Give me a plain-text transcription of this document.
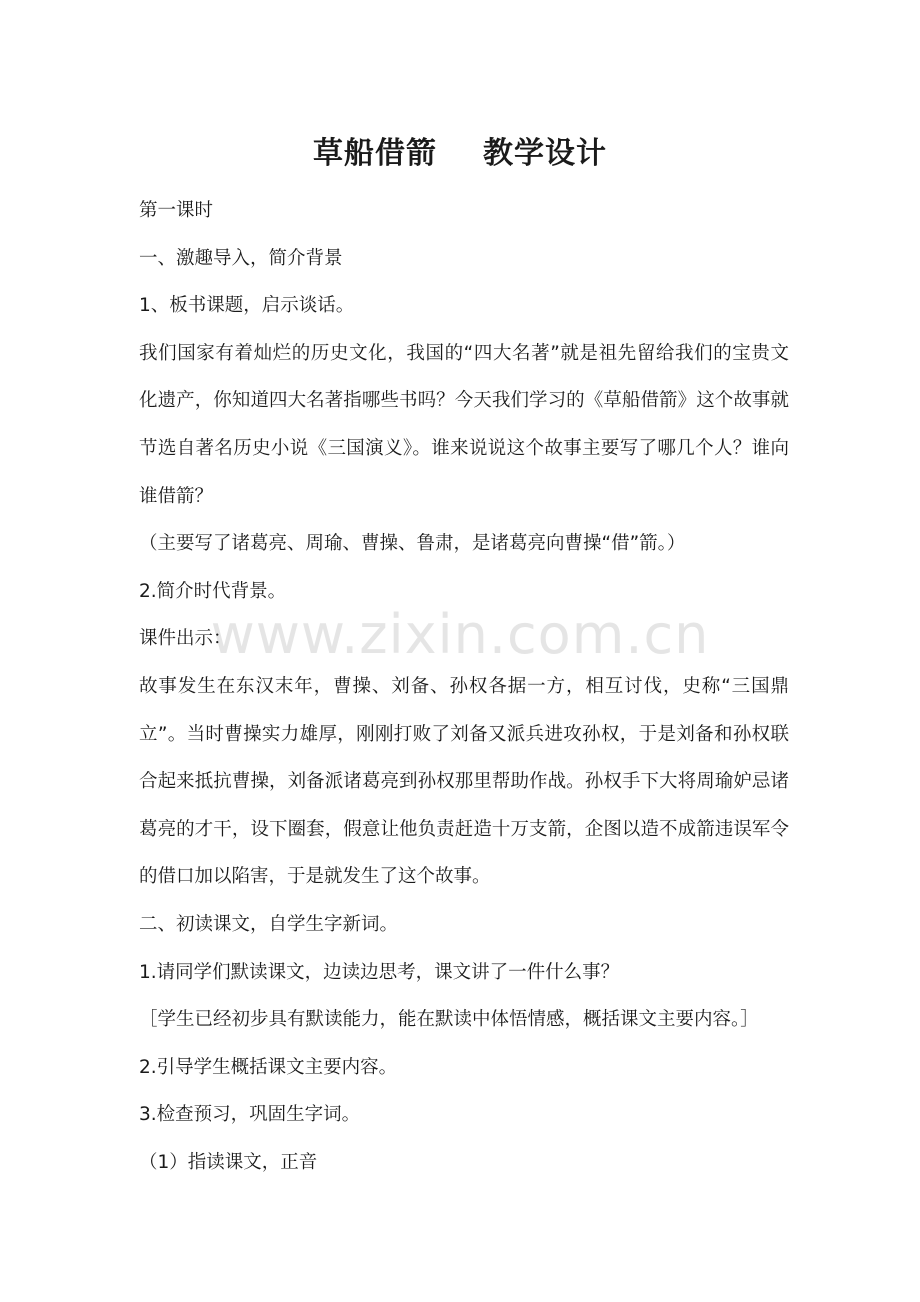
草船借箭 教学设计
www.zixin.com.cn
第一课时
一、激趣导入，简介背景
1、板书课题，启示谈话。
我们国家有着灿烂的历史文化，我国的“四大名著”就是祖先留给我们的宝贵文
化遗产，你知道四大名著指哪些书吗？今天我们学习的《草船借箭》这个故事就
节选自著名历史小说《三国演义》。谁来说说这个故事主要写了哪几个人？谁向
谁借箭？
（主要写了诸葛亮、周瑜、曹操、鲁肃，是诸葛亮向曹操“借”箭。）
2.简介时代背景。
课件出示：
故事发生在东汉末年，曹操、刘备、孙权各据一方，相互讨伐，史称“三国鼎
立”。当时曹操实力雄厚，刚刚打败了刘备又派兵进攻孙权，于是刘备和孙权联
合起来抵抗曹操，刘备派诸葛亮到孙权那里帮助作战。孙权手下大将周瑜妒忌诸
葛亮的才干，设下圈套，假意让他负责赶造十万支箭，企图以造不成箭违误军令
的借口加以陷害，于是就发生了这个故事。
二、初读课文，自学生字新词。
1.请同学们默读课文，边读边思考，课文讲了一件什么事？
［学生已经初步具有默读能力，能在默读中体悟情感，概括课文主要内容。］
2.引导学生概括课文主要内容。
3.检查预习，巩固生字词。
（1）指读课文，正音
